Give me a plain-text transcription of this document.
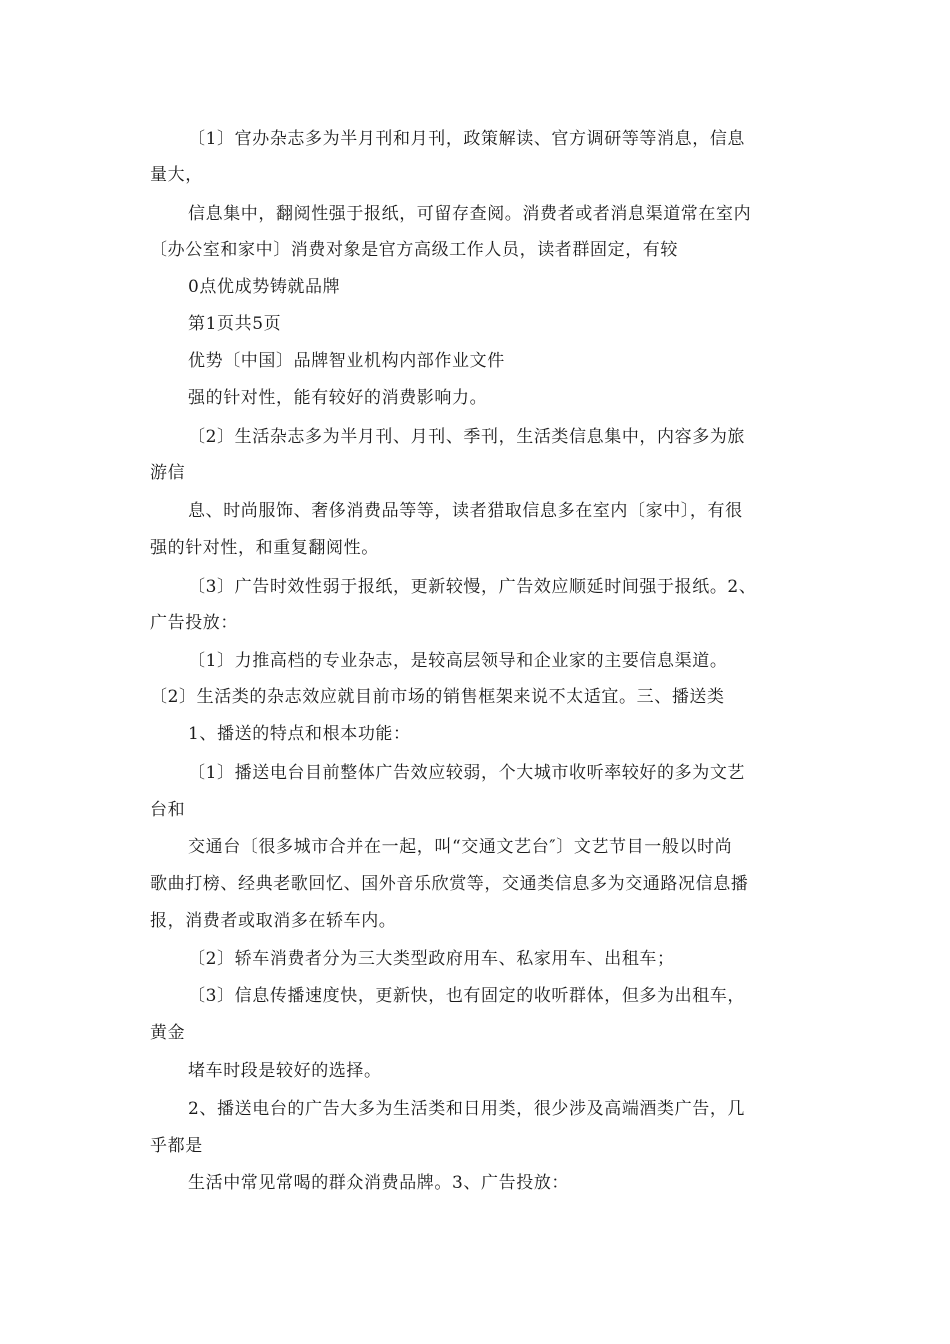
〔1〕官办杂志多为半月刊和月刊，政策解读、官方调研等等消息，信息
量大，
信息集中，翻阅性强于报纸，可留存查阅。消费者或者消息渠道常在室内
〔办公室和家中〕消费对象是官方高级工作人员，读者群固定，有较
0点优成势铸就品牌
第1页共5页
优势〔中国〕品牌智业机构内部作业文件
强的针对性，能有较好的消费影响力。
〔2〕生活杂志多为半月刊、月刊、季刊，生活类信息集中，内容多为旅
游信
息、时尚服饰、奢侈消费品等等，读者猎取信息多在室内〔家中〕，有很
强的针对性，和重复翻阅性。
〔3〕广告时效性弱于报纸，更新较慢，广告效应顺延时间强于报纸。2、
广告投放：
〔1〕力推高档的专业杂志，是较高层领导和企业家的主要信息渠道。
〔2〕生活类的杂志效应就目前市场的销售框架来说不太适宜。三、播送类
1、播送的特点和根本功能：
〔1〕播送电台目前整体广告效应较弱，个大城市收听率较好的多为文艺
台和
交通台〔很多城市合并在一起，叫“交通文艺台″〕文艺节目一般以时尚
歌曲打榜、经典老歌回忆、国外音乐欣赏等，交通类信息多为交通路况信息播
报，消费者或取消多在轿车内。
〔2〕轿车消费者分为三大类型政府用车、私家用车、出租车；
〔3〕信息传播速度快，更新快，也有固定的收听群体，但多为出租车，
黄金
堵车时段是较好的选择。
2、播送电台的广告大多为生活类和日用类，很少涉及高端酒类广告，几
乎都是
生活中常见常喝的群众消费品牌。3、广告投放：
